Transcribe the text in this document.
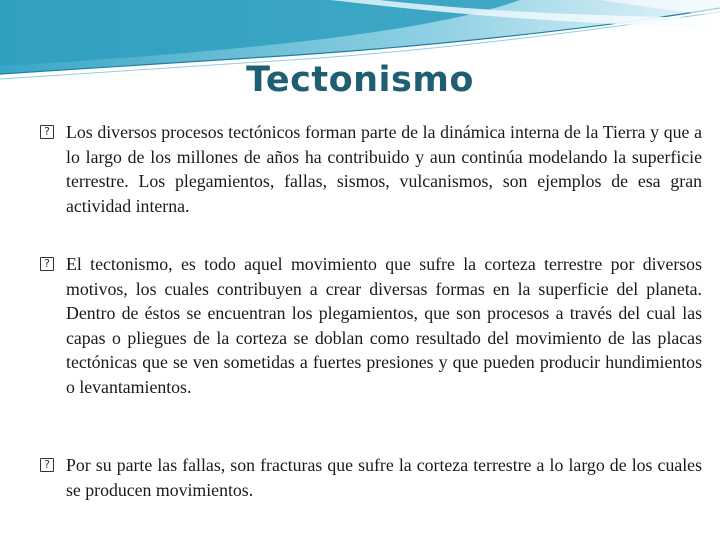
Tectonismo
? Los diversos procesos tectónicos forman parte de la dinámica interna de la Tierra y que a lo largo de los millones de años ha contribuido y aun continúa modelando la superficie terrestre. Los plegamientos, fallas, sismos, vulcanismos, son ejemplos de esa gran actividad interna.
? El tectonismo, es todo aquel movimiento que sufre la corteza terrestre por diversos motivos, los cuales contribuyen a crear diversas formas en la superficie del planeta. Dentro de éstos se encuentran los plegamientos, que son procesos a través del cual las capas o pliegues de la corteza se doblan como resultado del movimiento de las placas tectónicas que se ven sometidas a fuertes presiones y que pueden producir hundimientos o levantamientos.
? Por su parte las fallas, son fracturas que sufre la corteza terrestre a lo largo de los cuales se producen movimientos.
